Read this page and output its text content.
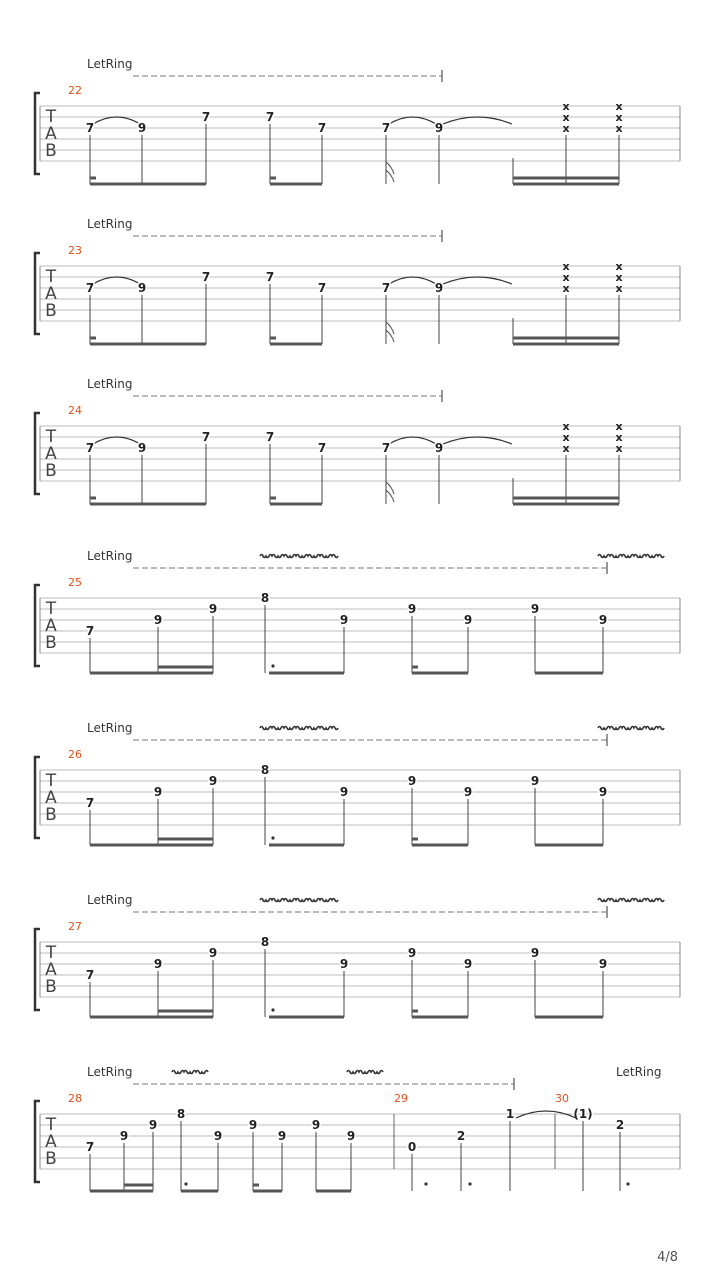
LetRing
T
A
B
22
7	9
7	7
7	7	9
x
x
x
x
x
x
LetRing
T
A
B
23
7	9
7	7
7	7	9
x
x
x
x
x
x
LetRing
T
A
B
24
7	9
7	7
7	7	9
x
x
x
x
x
x
LetRing
T
A
B
25
7
9
9
8
9
9
9
9
9
LetRing
T
A
B
26
7
9
9
8
9
9
9
9
9
LetRing
T
A
B
27
7
9
9
8
9
9
9
9
9
LetRing	LetRing
T
A
B
28	29	30
7
9
9
8
9
9
9
9
9
0
2
1	(1)
2
4/8
